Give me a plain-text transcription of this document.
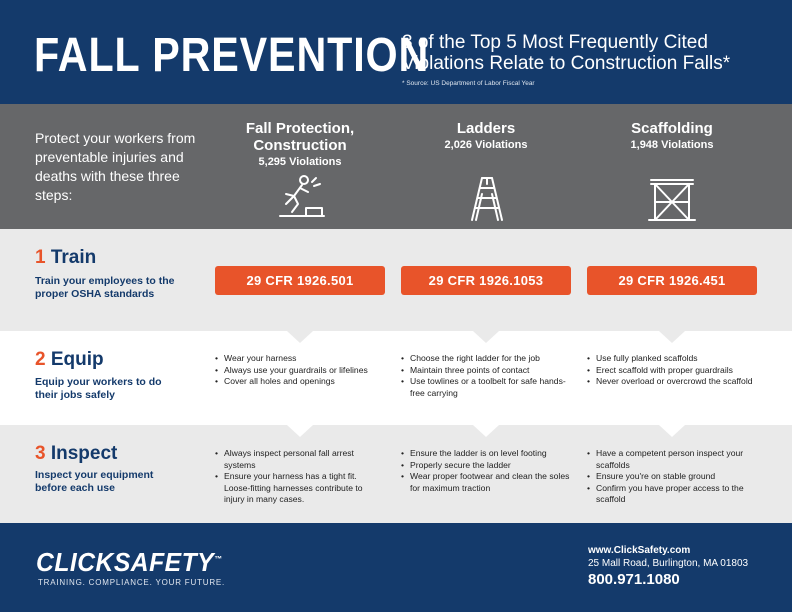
FALL PREVENTION
3 of the Top 5 Most Frequently Cited Violations Relate to Construction Falls*
* Source: US Department of Labor Fiscal Year
Protect your workers from preventable injuries and deaths with these three steps:
Fall Protection, Construction
5,295 Violations
Ladders
2,026 Violations
Scaffolding
1,948 Violations
1 Train
Train your employees to the proper OSHA standards
29 CFR 1926.501	29 CFR 1926.1053	29 CFR 1926.451
2 Equip
Equip your workers to do their jobs safely
• Wear your harness
• Always use your guardrails or lifelines
• Cover all holes and openings
• Choose the right ladder for the job
• Maintain three points of contact
• Use towlines or a toolbelt for safe hands-free carrying
• Use fully planked scaffolds
• Erect scaffold with proper guardrails
• Never overload or overcrowd the scaffold
3 Inspect
Inspect your equipment before each use
• Always inspect personal fall arrest systems
• Ensure your harness has a tight fit. Loose-fitting harnesses contribute to injury in many cases.
• Ensure the ladder is on level footing
• Properly secure the ladder
• Wear proper footwear and clean the soles for maximum traction
• Have a competent person inspect your scaffolds
• Ensure you're on stable ground
• Confirm you have proper access to the scaffold
CLICKSAFETY™
TRAINING. COMPLIANCE. YOUR FUTURE.
www.ClickSafety.com
25 Mall Road, Burlington, MA 01803
800.971.1080
